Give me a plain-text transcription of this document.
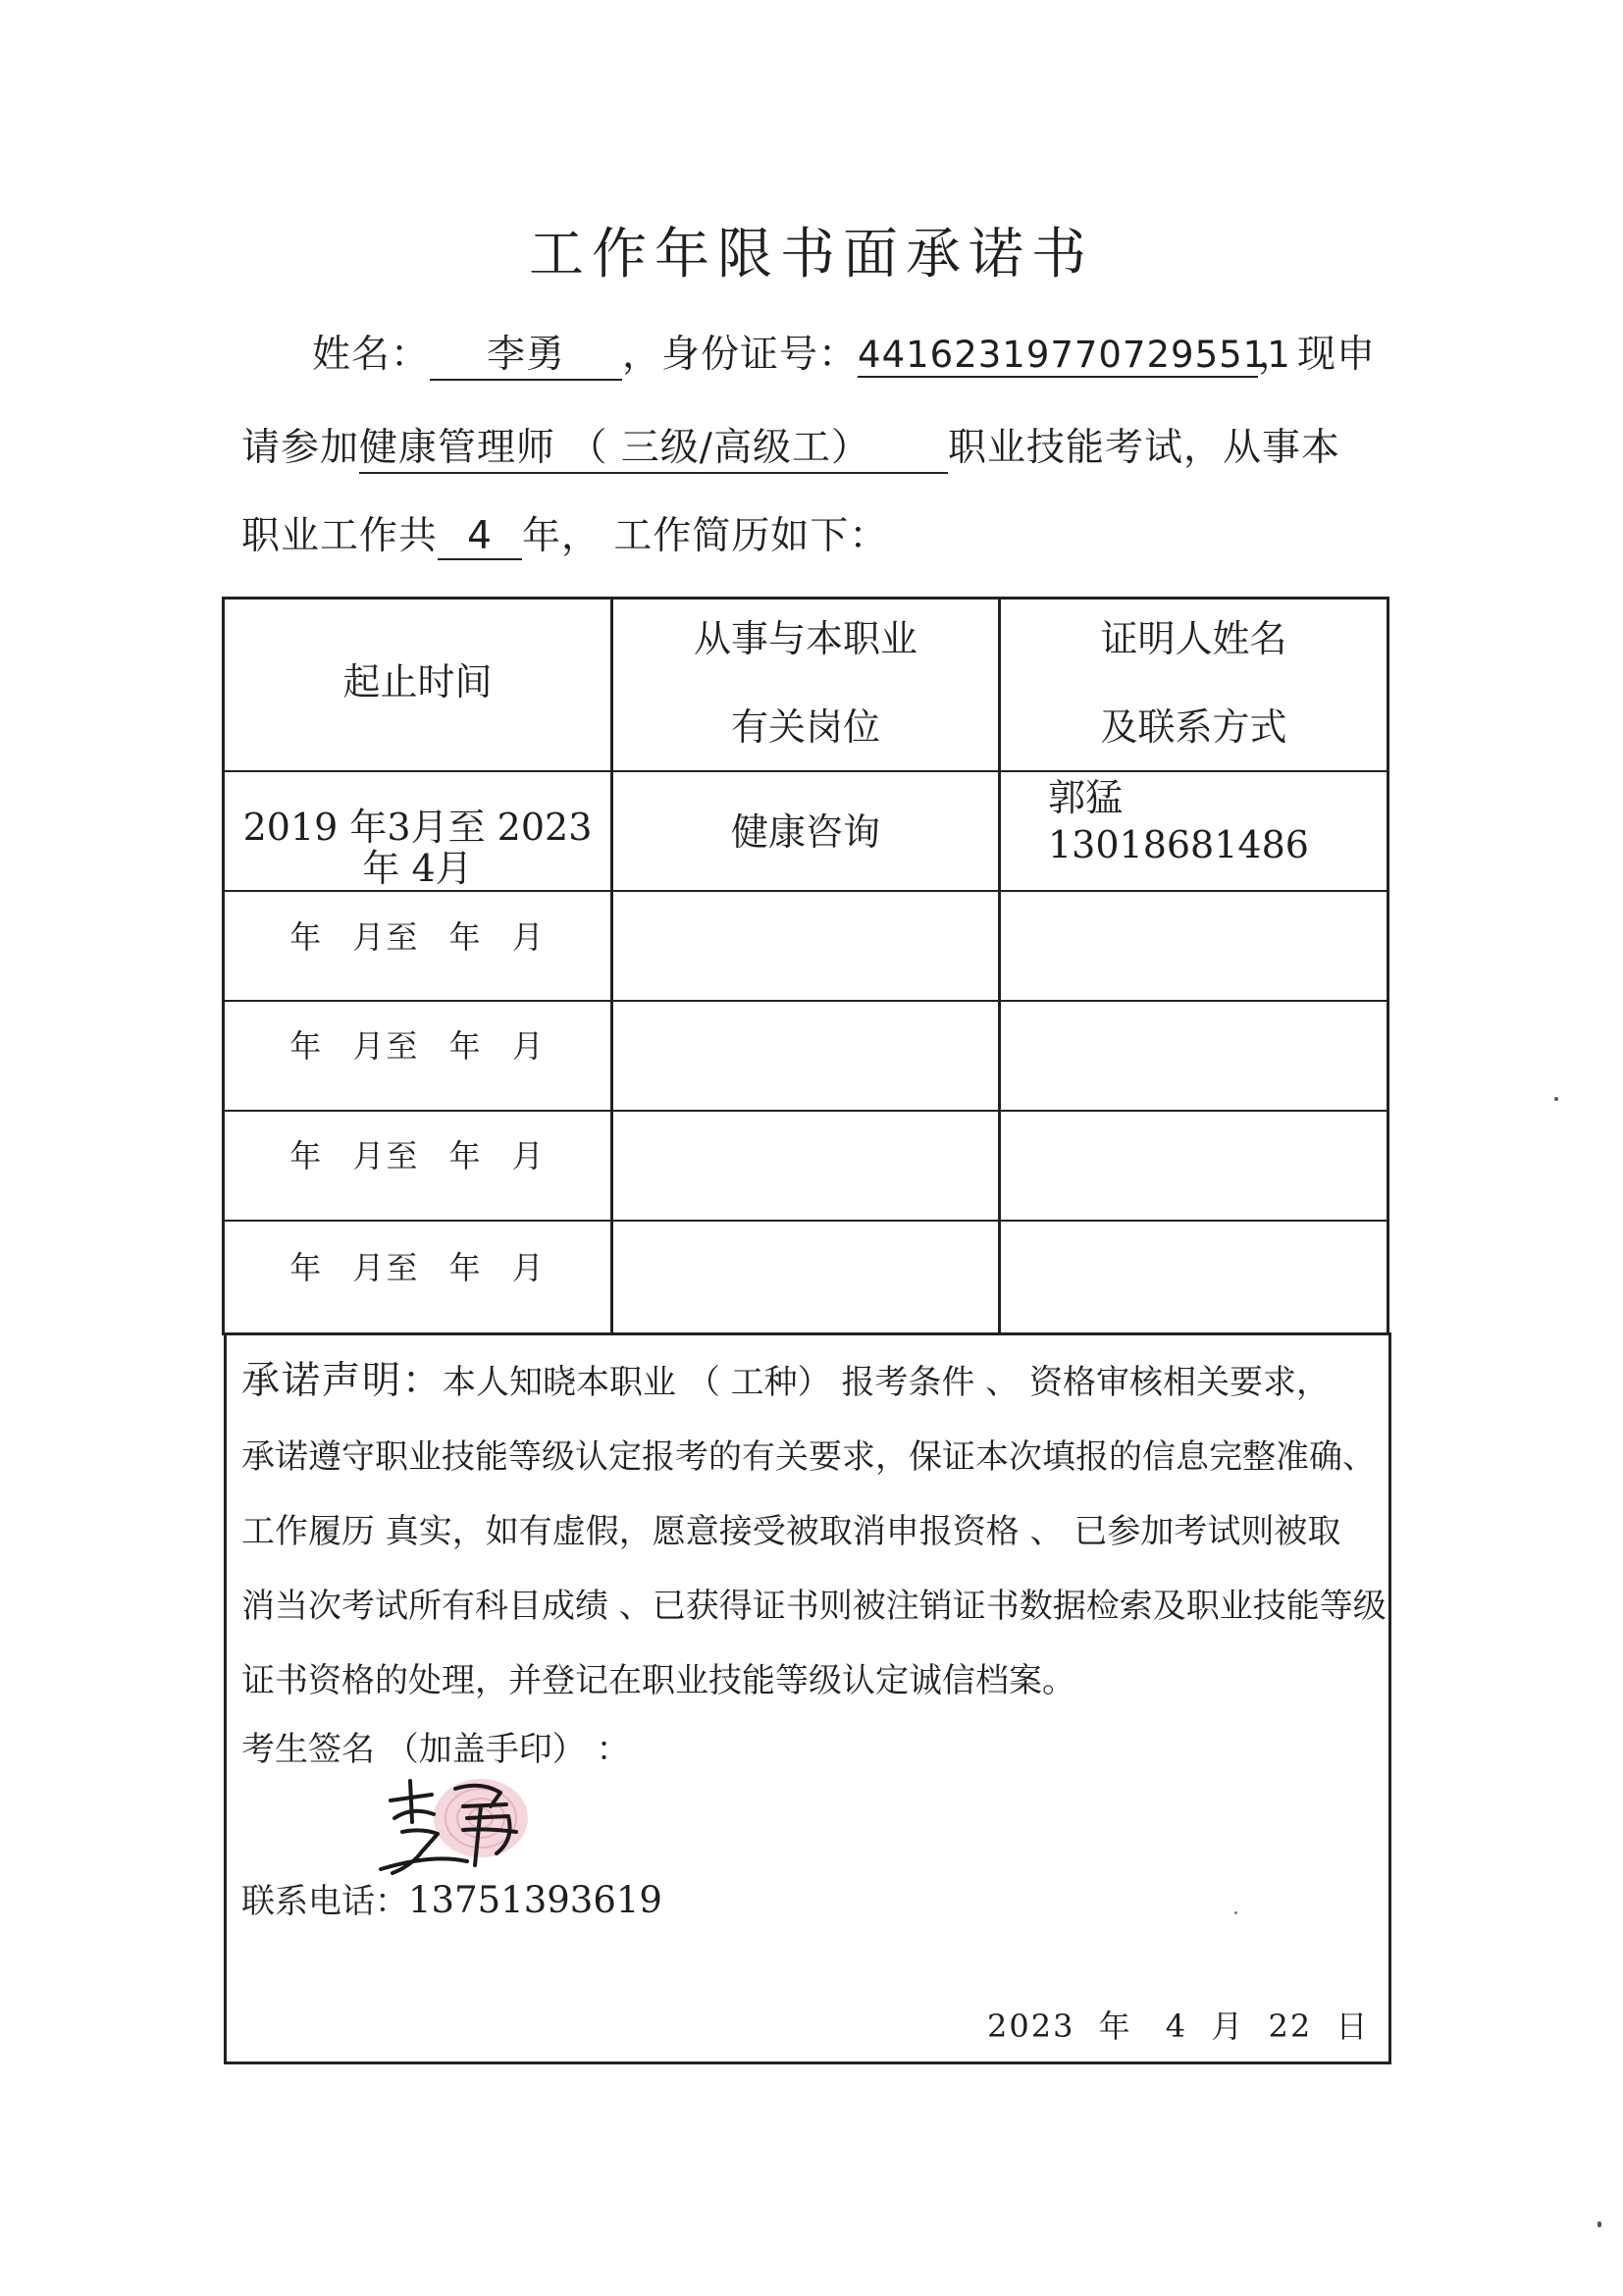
工作年限书面承诺书
姓名： 李勇 ，身份证号：441623197707295511，现申
请参加健康管理师 （ 三级/高级工） 职业技能考试，从事本
职业工作共 4 年， 工作简历如下：
起止时间
从事与本职业
有关岗位
证明人姓名
及联系方式
2019 年3月至 2023
年 4月
健康咨询
郭猛 13018681486
年 月至 年 月
年 月至 年 月
年 月至 年 月
年 月至 年 月
承诺声明：本人知晓本职业 （ 工种） 报考条件 、 资格审核相关要求，
承诺遵守职业技能等级认定报考的有关要求，保证本次填报的信息完整准确、
工作履历 真实，如有虚假，愿意接受被取消申报资格 、 已参加考试则被取
消当次考试所有科目成绩 、已获得证书则被注销证书数据检索及职业技能等级
证书资格的处理，并登记在职业技能等级认定诚信档案。
考生签名 （加盖手印） ：
联系电话：13751393619
2023 年 4 月 22 日
